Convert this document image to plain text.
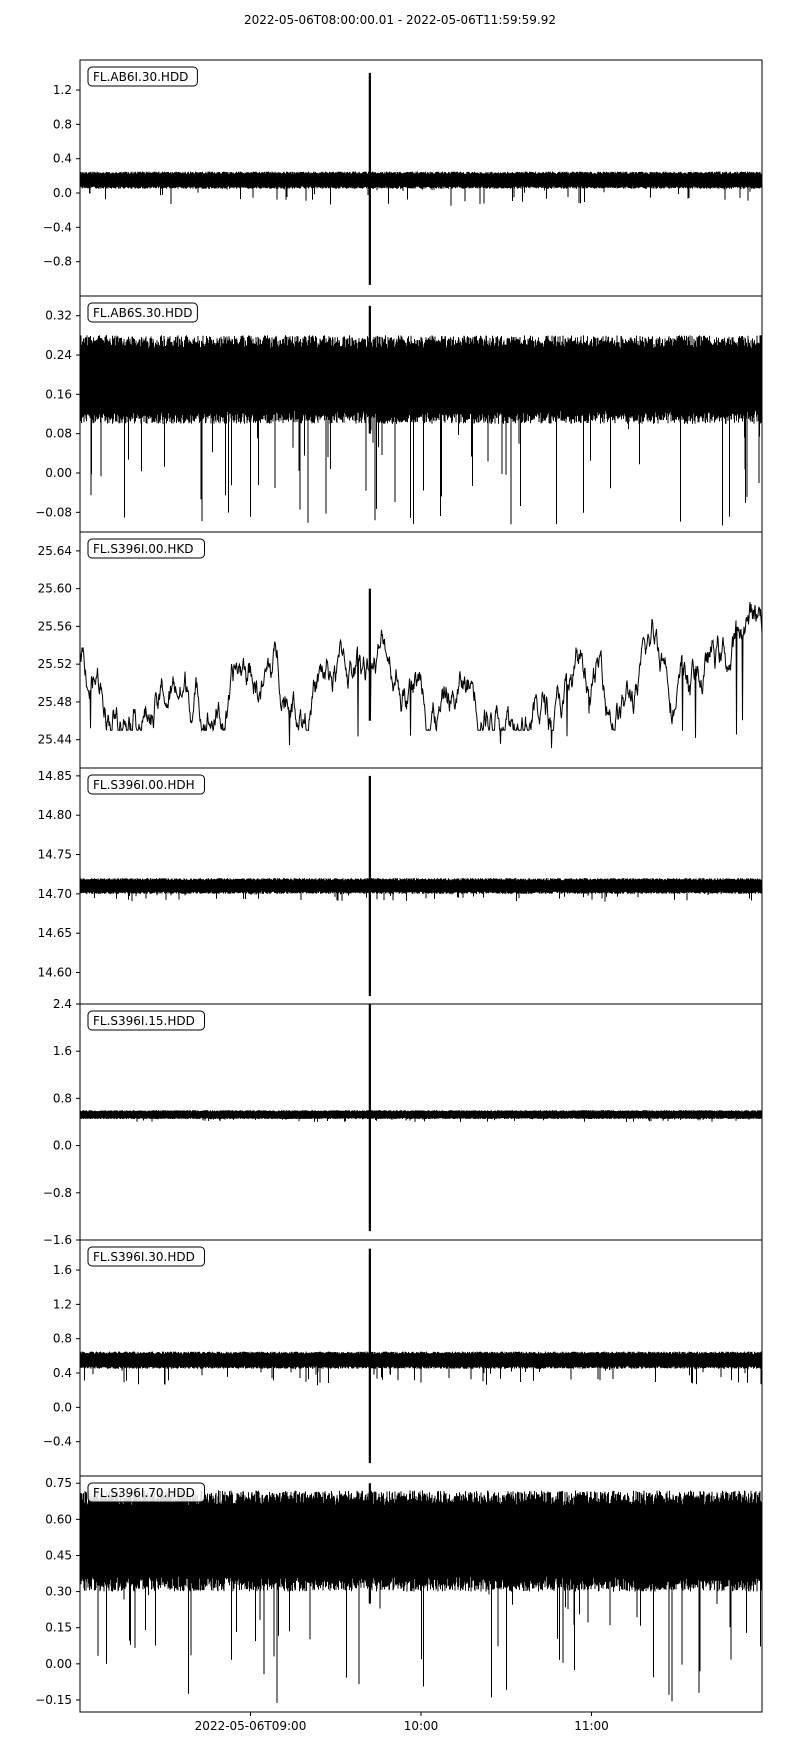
2022-05-06T08:00:00.01 - 2022-05-06T11:59:59.92
1.2
0.8
0.4
0.0
−0.4
−0.8
FL.AB6I.30.HDD
0.32
0.24
0.16
0.08
0.00
−0.08
FL.AB6S.30.HDD
25.64
25.60
25.56
25.52
25.48
25.44
FL.S396I.00.HKD
14.85
14.80
14.75
14.70
14.65
14.60
FL.S396I.00.HDH
2.4
1.6
0.8
0.0
−0.8
−1.6
FL.S396I.15.HDD
1.6
1.2
0.8
0.4
0.0
−0.4
FL.S396I.30.HDD
0.75
0.60
0.45
0.30
0.15
0.00
−0.15
FL.S396I.70.HDD
2022-05-06T09:00	10:00	11:00
